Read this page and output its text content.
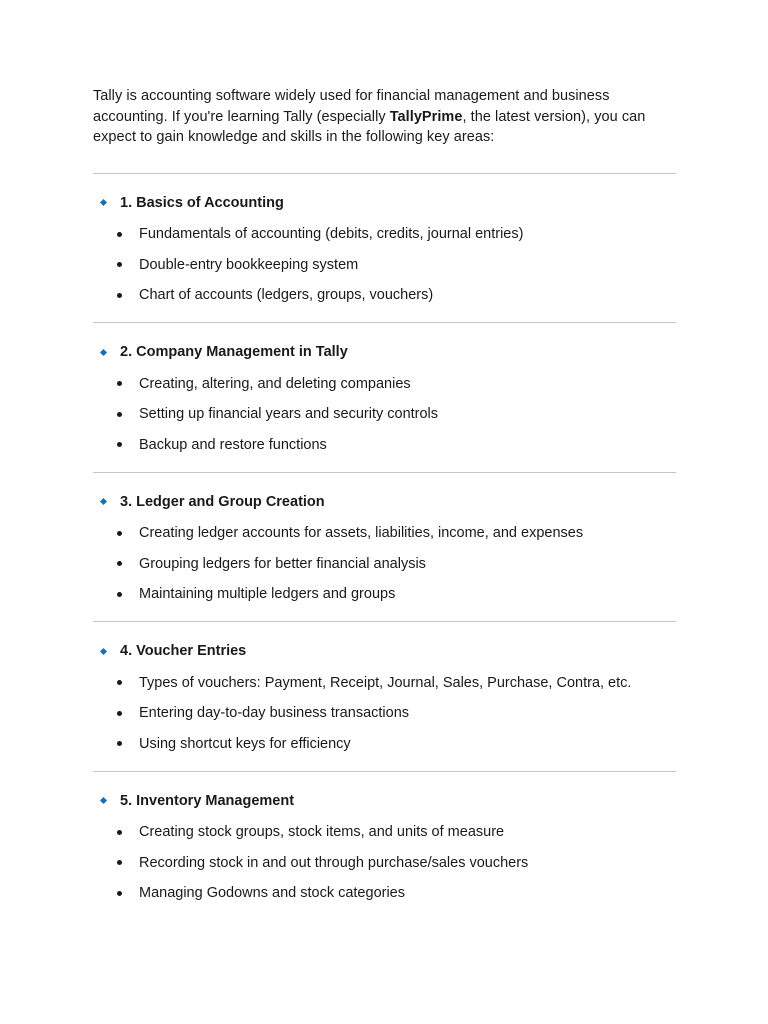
Tally is accounting software widely used for financial management and business accounting. If you're learning Tally (especially TallyPrime, the latest version), you can expect to gain knowledge and skills in the following key areas:

1. Basics of Accounting
Fundamentals of accounting (debits, credits, journal entries)
Double-entry bookkeeping system
Chart of accounts (ledgers, groups, vouchers)
2. Company Management in Tally
Creating, altering, and deleting companies
Setting up financial years and security controls
Backup and restore functions
3. Ledger and Group Creation
Creating ledger accounts for assets, liabilities, income, and expenses
Grouping ledgers for better financial analysis
Maintaining multiple ledgers and groups
4. Voucher Entries
Types of vouchers: Payment, Receipt, Journal, Sales, Purchase, Contra, etc.
Entering day-to-day business transactions
Using shortcut keys for efficiency
5. Inventory Management
Creating stock groups, stock items, and units of measure
Recording stock in and out through purchase/sales vouchers
Managing Godowns and stock categories
